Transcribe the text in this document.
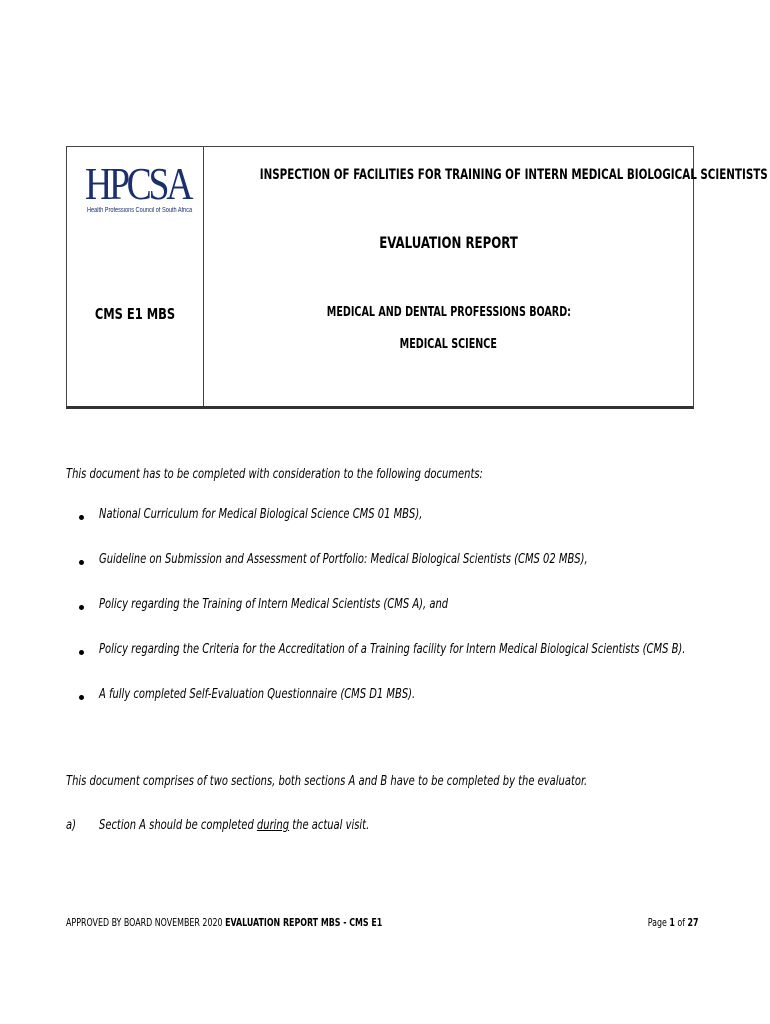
HPCSA
Health Professions Council of South Africa
CMS E1 MBS
INSPECTION OF FACILITIES FOR TRAINING OF INTERN MEDICAL BIOLOGICAL SCIENTISTS
EVALUATION REPORT
MEDICAL AND DENTAL PROFESSIONS BOARD:
MEDICAL SCIENCE
This document has to be completed with consideration to the following documents:
National Curriculum for Medical Biological Science CMS 01 MBS),
Guideline on Submission and Assessment of Portfolio: Medical Biological Scientists (CMS 02 MBS),
Policy regarding the Training of Intern Medical Scientists (CMS A), and
Policy regarding the Criteria for the Accreditation of a Training facility for Intern Medical Biological Scientists (CMS B).
A fully completed Self-Evaluation Questionnaire (CMS D1 MBS).
This document comprises of two sections, both sections A and B have to be completed by the evaluator.
a) Section A should be completed during the actual visit.
APPROVED BY BOARD NOVEMBER 2020 EVALUATION REPORT MBS - CMS E1	Page 1 of 27
